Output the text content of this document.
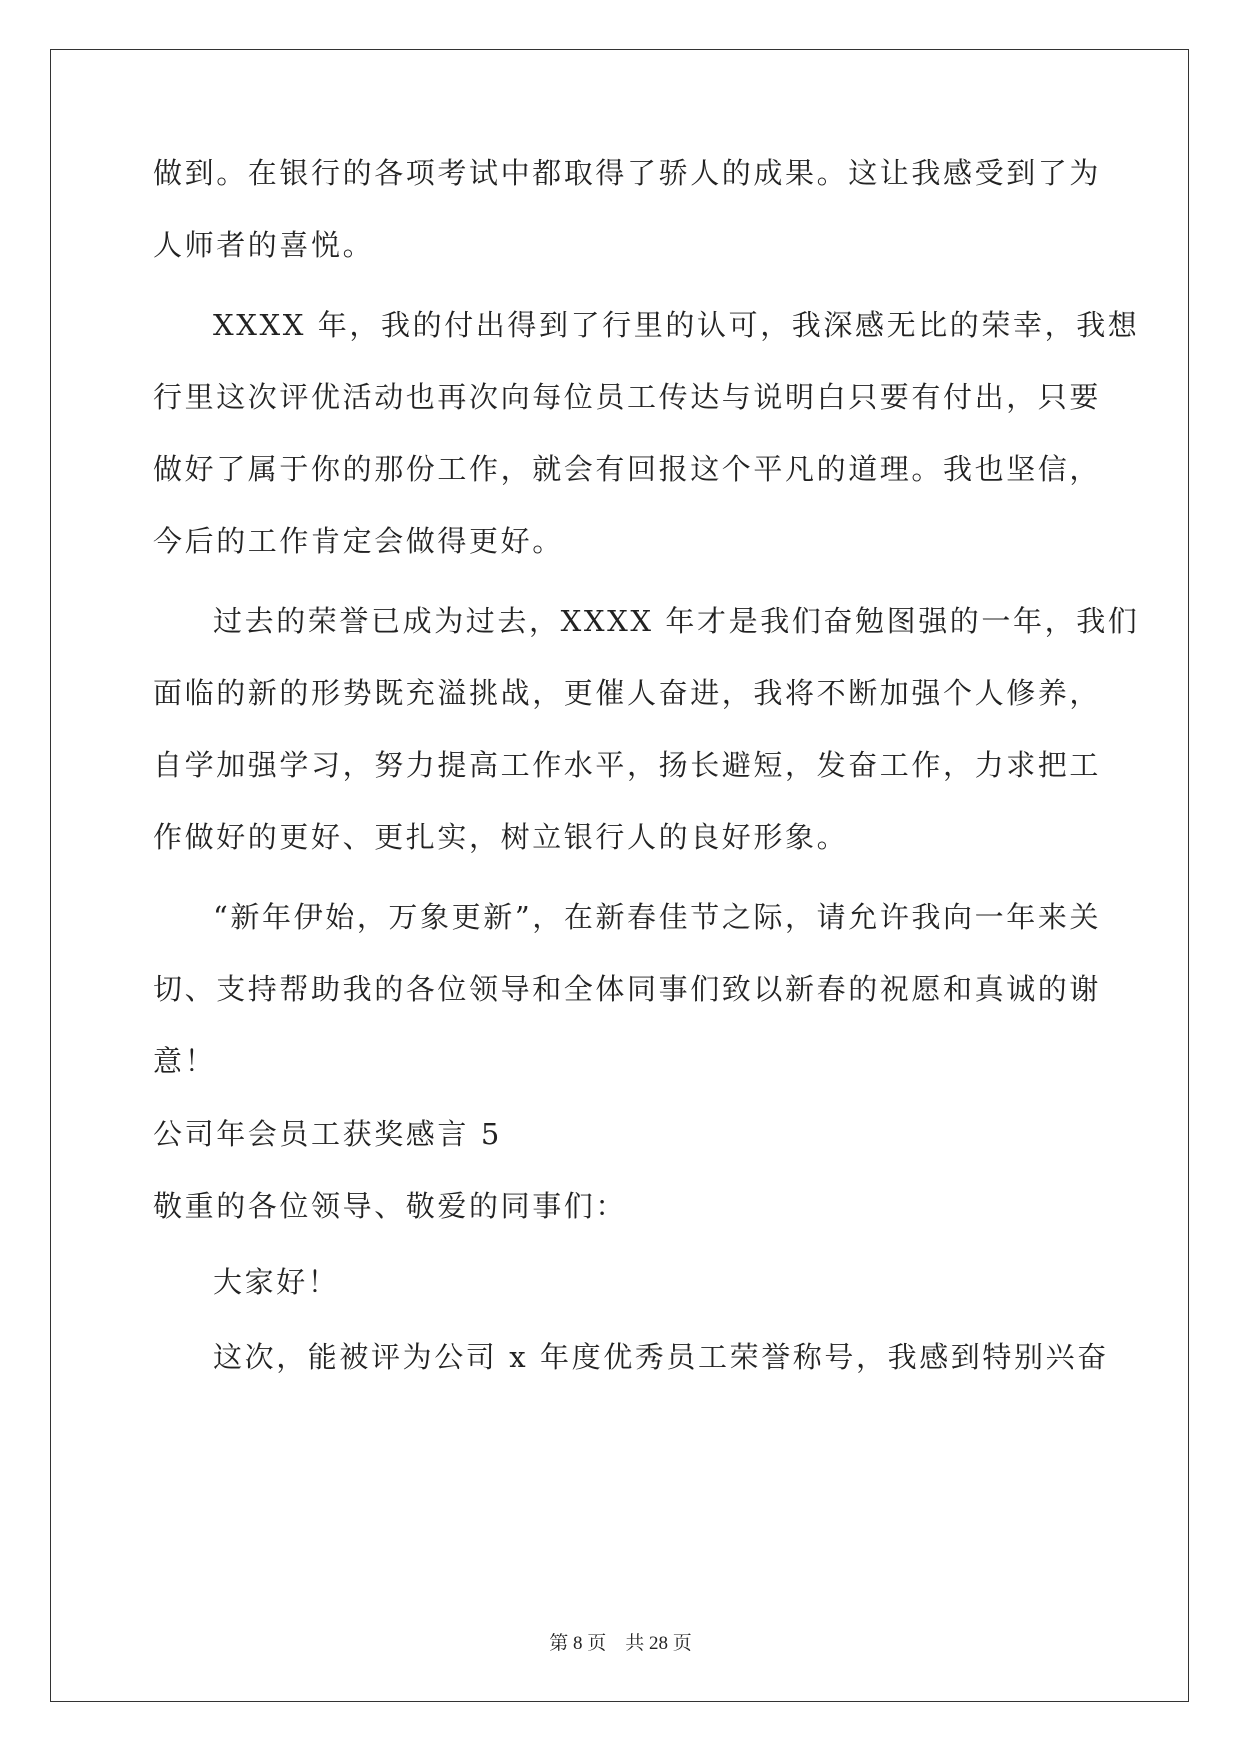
做到。在银行的各项考试中都取得了骄人的成果。这让我感受到了为
人师者的喜悦。
XXXX 年，我的付出得到了行里的认可，我深感无比的荣幸，我想
行里这次评优活动也再次向每位员工传达与说明白只要有付出，只要
做好了属于你的那份工作，就会有回报这个平凡的道理。我也坚信，
今后的工作肯定会做得更好。
过去的荣誉已成为过去，XXXX 年才是我们奋勉图强的一年，我们
面临的新的形势既充溢挑战，更催人奋进，我将不断加强个人修养，
自学加强学习，努力提高工作水平，扬长避短，发奋工作，力求把工
作做好的更好、更扎实，树立银行人的良好形象。
“新年伊始，万象更新”，在新春佳节之际，请允许我向一年来关
切、支持帮助我的各位领导和全体同事们致以新春的祝愿和真诚的谢
意！
公司年会员工获奖感言 5
敬重的各位领导、敬爱的同事们：
大家好！
这次，能被评为公司 x 年度优秀员工荣誉称号，我感到特别兴奋
第 8 页 共 28 页
